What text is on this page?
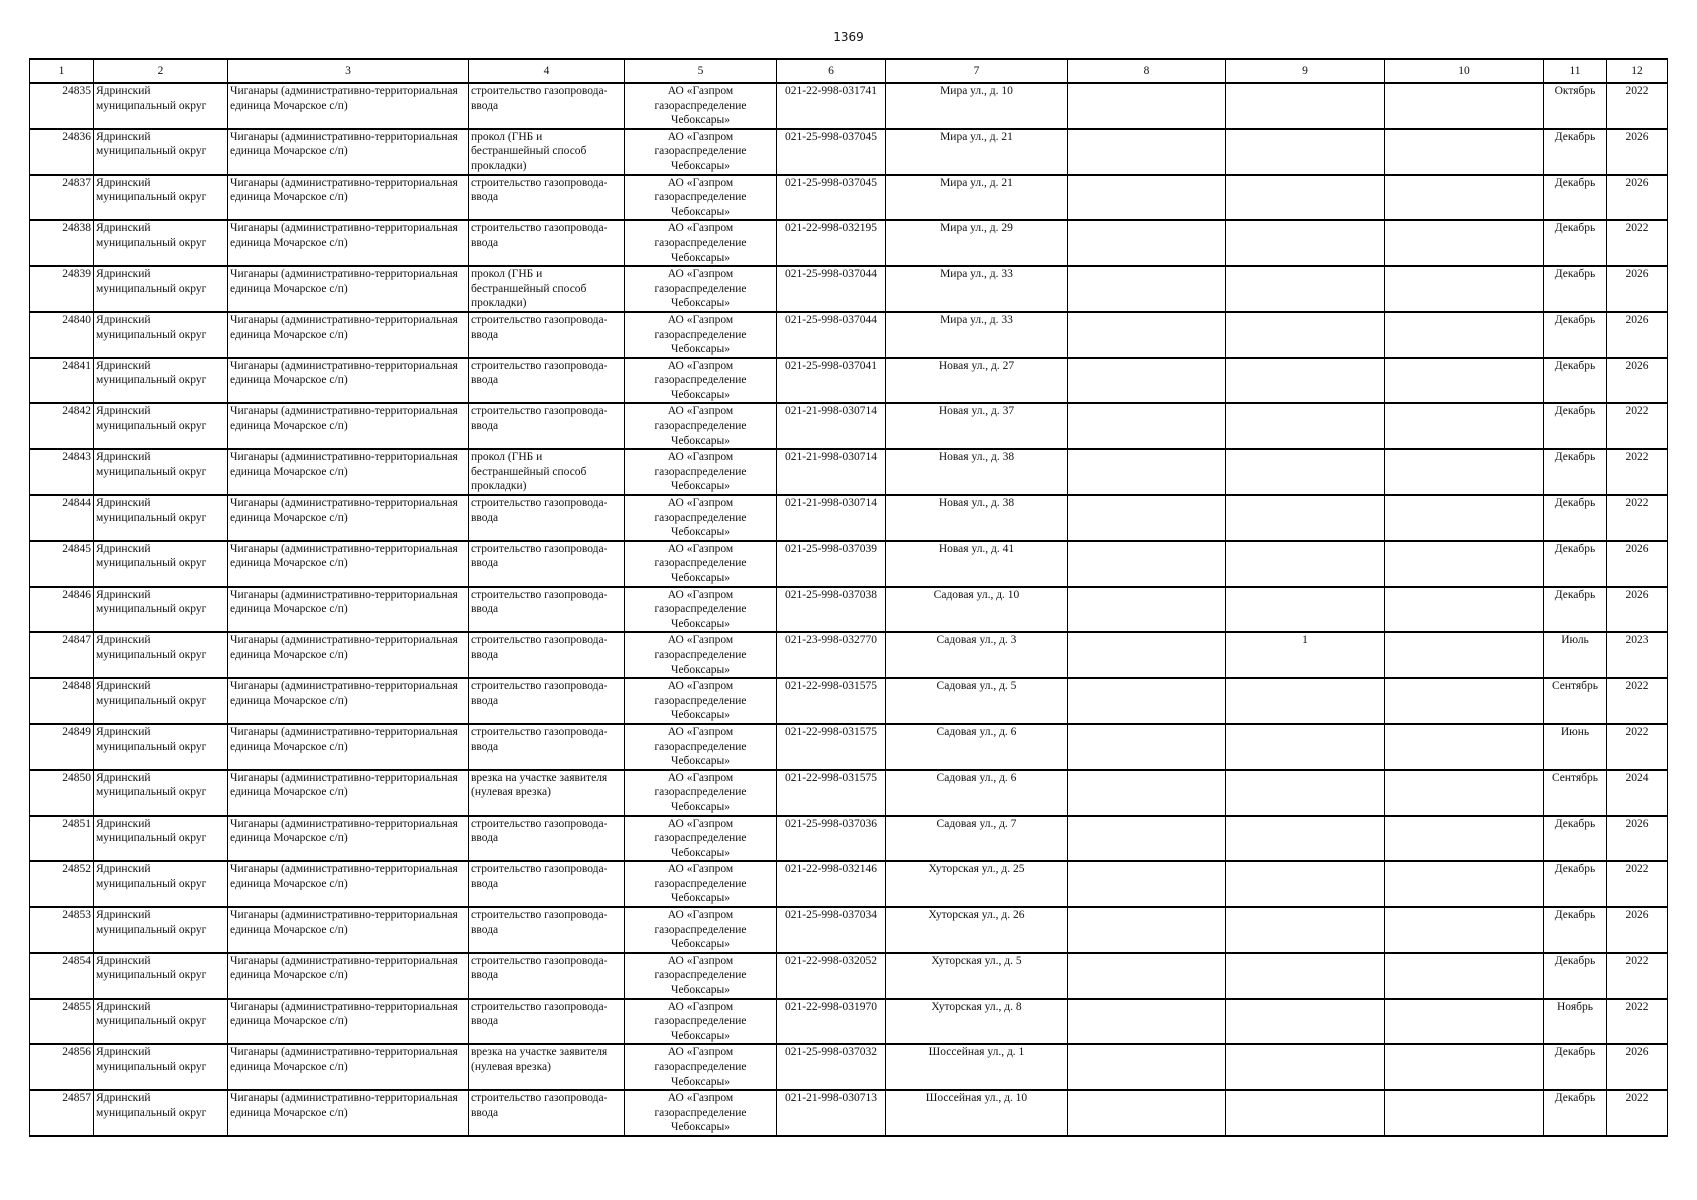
1369
1	2	3	4	5	6	7	8	9	10	11	12
24835	Ядринский муниципальный округ	Чиганары (административно-территориальная единица Мочарское с/п)	строительство газопровода-ввода	АО «Газпром газораспределение Чебоксары»	021-22-998-031741	Мира ул., д. 10				Октябрь	2022
24836	Ядринский муниципальный округ	Чиганары (административно-территориальная единица Мочарское с/п)	прокол (ГНБ и бестраншейный способ прокладки)	АО «Газпром газораспределение Чебоксары»	021-25-998-037045	Мира ул., д. 21				Декабрь	2026
24837	Ядринский муниципальный округ	Чиганары (административно-территориальная единица Мочарское с/п)	строительство газопровода-ввода	АО «Газпром газораспределение Чебоксары»	021-25-998-037045	Мира ул., д. 21				Декабрь	2026
24838	Ядринский муниципальный округ	Чиганары (административно-территориальная единица Мочарское с/п)	строительство газопровода-ввода	АО «Газпром газораспределение Чебоксары»	021-22-998-032195	Мира ул., д. 29				Декабрь	2022
24839	Ядринский муниципальный округ	Чиганары (административно-территориальная единица Мочарское с/п)	прокол (ГНБ и бестраншейный способ прокладки)	АО «Газпром газораспределение Чебоксары»	021-25-998-037044	Мира ул., д. 33				Декабрь	2026
24840	Ядринский муниципальный округ	Чиганары (административно-территориальная единица Мочарское с/п)	строительство газопровода-ввода	АО «Газпром газораспределение Чебоксары»	021-25-998-037044	Мира ул., д. 33				Декабрь	2026
24841	Ядринский муниципальный округ	Чиганары (административно-территориальная единица Мочарское с/п)	строительство газопровода-ввода	АО «Газпром газораспределение Чебоксары»	021-25-998-037041	Новая ул., д. 27				Декабрь	2026
24842	Ядринский муниципальный округ	Чиганары (административно-территориальная единица Мочарское с/п)	строительство газопровода-ввода	АО «Газпром газораспределение Чебоксары»	021-21-998-030714	Новая ул., д. 37				Декабрь	2022
24843	Ядринский муниципальный округ	Чиганары (административно-территориальная единица Мочарское с/п)	прокол (ГНБ и бестраншейный способ прокладки)	АО «Газпром газораспределение Чебоксары»	021-21-998-030714	Новая ул., д. 38				Декабрь	2022
24844	Ядринский муниципальный округ	Чиганары (административно-территориальная единица Мочарское с/п)	строительство газопровода-ввода	АО «Газпром газораспределение Чебоксары»	021-21-998-030714	Новая ул., д. 38				Декабрь	2022
24845	Ядринский муниципальный округ	Чиганары (административно-территориальная единица Мочарское с/п)	строительство газопровода-ввода	АО «Газпром газораспределение Чебоксары»	021-25-998-037039	Новая ул., д. 41				Декабрь	2026
24846	Ядринский муниципальный округ	Чиганары (административно-территориальная единица Мочарское с/п)	строительство газопровода-ввода	АО «Газпром газораспределение Чебоксары»	021-25-998-037038	Садовая ул., д. 10				Декабрь	2026
24847	Ядринский муниципальный округ	Чиганары (административно-территориальная единица Мочарское с/п)	строительство газопровода-ввода	АО «Газпром газораспределение Чебоксары»	021-23-998-032770	Садовая ул., д. 3		1		Июль	2023
24848	Ядринский муниципальный округ	Чиганары (административно-территориальная единица Мочарское с/п)	строительство газопровода-ввода	АО «Газпром газораспределение Чебоксары»	021-22-998-031575	Садовая ул., д. 5				Сентябрь	2022
24849	Ядринский муниципальный округ	Чиганары (административно-территориальная единица Мочарское с/п)	строительство газопровода-ввода	АО «Газпром газораспределение Чебоксары»	021-22-998-031575	Садовая ул., д. 6				Июнь	2022
24850	Ядринский муниципальный округ	Чиганары (административно-территориальная единица Мочарское с/п)	врезка на участке заявителя (нулевая врезка)	АО «Газпром газораспределение Чебоксары»	021-22-998-031575	Садовая ул., д. 6				Сентябрь	2024
24851	Ядринский муниципальный округ	Чиганары (административно-территориальная единица Мочарское с/п)	строительство газопровода-ввода	АО «Газпром газораспределение Чебоксары»	021-25-998-037036	Садовая ул., д. 7				Декабрь	2026
24852	Ядринский муниципальный округ	Чиганары (административно-территориальная единица Мочарское с/п)	строительство газопровода-ввода	АО «Газпром газораспределение Чебоксары»	021-22-998-032146	Хуторская ул., д. 25				Декабрь	2022
24853	Ядринский муниципальный округ	Чиганары (административно-территориальная единица Мочарское с/п)	строительство газопровода-ввода	АО «Газпром газораспределение Чебоксары»	021-25-998-037034	Хуторская ул., д. 26				Декабрь	2026
24854	Ядринский муниципальный округ	Чиганары (административно-территориальная единица Мочарское с/п)	строительство газопровода-ввода	АО «Газпром газораспределение Чебоксары»	021-22-998-032052	Хуторская ул., д. 5				Декабрь	2022
24855	Ядринский муниципальный округ	Чиганары (административно-территориальная единица Мочарское с/п)	строительство газопровода-ввода	АО «Газпром газораспределение Чебоксары»	021-22-998-031970	Хуторская ул., д. 8				Ноябрь	2022
24856	Ядринский муниципальный округ	Чиганары (административно-территориальная единица Мочарское с/п)	врезка на участке заявителя (нулевая врезка)	АО «Газпром газораспределение Чебоксары»	021-25-998-037032	Шоссейная ул., д. 1				Декабрь	2026
24857	Ядринский муниципальный округ	Чиганары (административно-территориальная единица Мочарское с/п)	строительство газопровода-ввода	АО «Газпром газораспределение Чебоксары»	021-21-998-030713	Шоссейная ул., д. 10				Декабрь	2022
